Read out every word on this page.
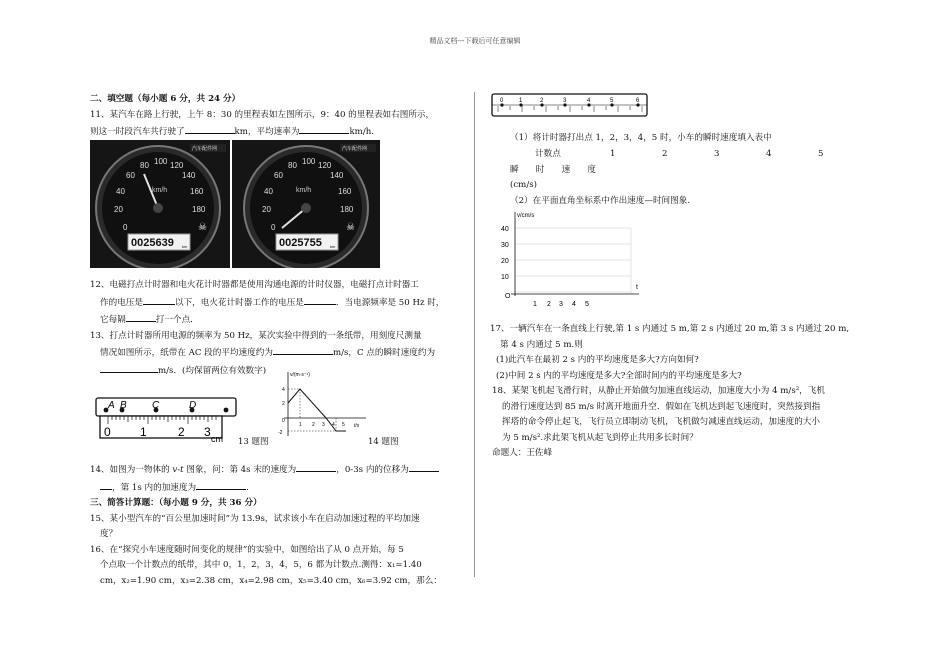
精品文档---下载后可任意编辑
二、填空题（每小题 6 分，共 24 分）
11、某汽车在路上行驶，上午 8：30 的里程表如左图所示，9：40 的里程表如右图所示，
则这一时段汽车共行驶了	km，平均速率为	km/h.
0
20
40
60
80 100 120
140
160
180
km/h
汽车配件网
☠
0025639 km
0
20
40
60
80 100 120
140
160
180
km/h
汽车配件网
☠
0025755 km
12、电磁打点计时器和电火花计时器都是使用沟通电源的计时仪器，电磁打点计时器工
作的电压是	以下，电火花计时器工作的电压是	．当电源频率是 50 Hz 时，
它每隔	打一个点．
13、打点计时器所用电源的频率为 50 Hz，某次实验中得到的一条纸带，用刻度尺测量
情况如图所示，纸带在 AC 段的平均速度约为	m/s，C 点的瞬时速度约为
m/s．(均保留两位有效数字)
A B	C	D
0 1	2 3 cm 13 题图
v/(m·s⁻¹)
t/s
4
2
0
-2
1 2 3 4 5
14 题图
14、如图为一物体的 v-t 图象，问：第 4s 末的速度为	，0-3s 内的位移为
，第 1s 内的加速度为	.
三、简答计算题：（每小题 9 分，共 36 分）
15、某小型汽车的“百公里加速时间”为 13.9s，试求该小车在启动加速过程的平均加速
度？
16、在“探究小车速度随时间变化的规律”的实验中，如图给出了从 0 点开始，每 5
个点取一个计数点的纸带，其中 0，1，2，3，4，5，6 都为计数点.测得：x₁=1.40
cm，x₂=1.90 cm，x₃=2.38 cm，x₄=2.98 cm，x₅=3.40 cm，x₆=3.92 cm，那么：
0	1	2	3	4	5	6
（1）将计时器打出点 1，2，3，4，5 时，小车的瞬时速度填入表中
计数点	1	2	3	4	5
瞬　　时　　速　　度
(cm/s)
（2）在平面直角坐标系中作出速度—时间图象.
v/cm/s
40
30
20
10
O
t
1 2 3 4 5
17、一辆汽车在一条直线上行驶,第 1 s 内通过 5 m,第 2 s 内通过 20 m,第 3 s 内通过 20 m,
第 4 s 内通过 5 m.则
(1)此汽车在最初 2 s 内的平均速度是多大?方向如何?
(2)中间 2 s 内的平均速度是多大?全部时间内的平均速度是多大?
18、某架飞机起飞滑行时，从静止开始做匀加速直线运动，加速度大小为 4 m/s²，飞机
的滑行速度达到 85 m/s 时离开地面升空．假如在飞机达到起飞速度时，突然接到指
挥塔的命令停止起飞，飞行员立即制动飞机，飞机做匀减速直线运动，加速度的大小
为 5 m/s².求此架飞机从起飞到停止共用多长时间？
命题人：王佐峰
